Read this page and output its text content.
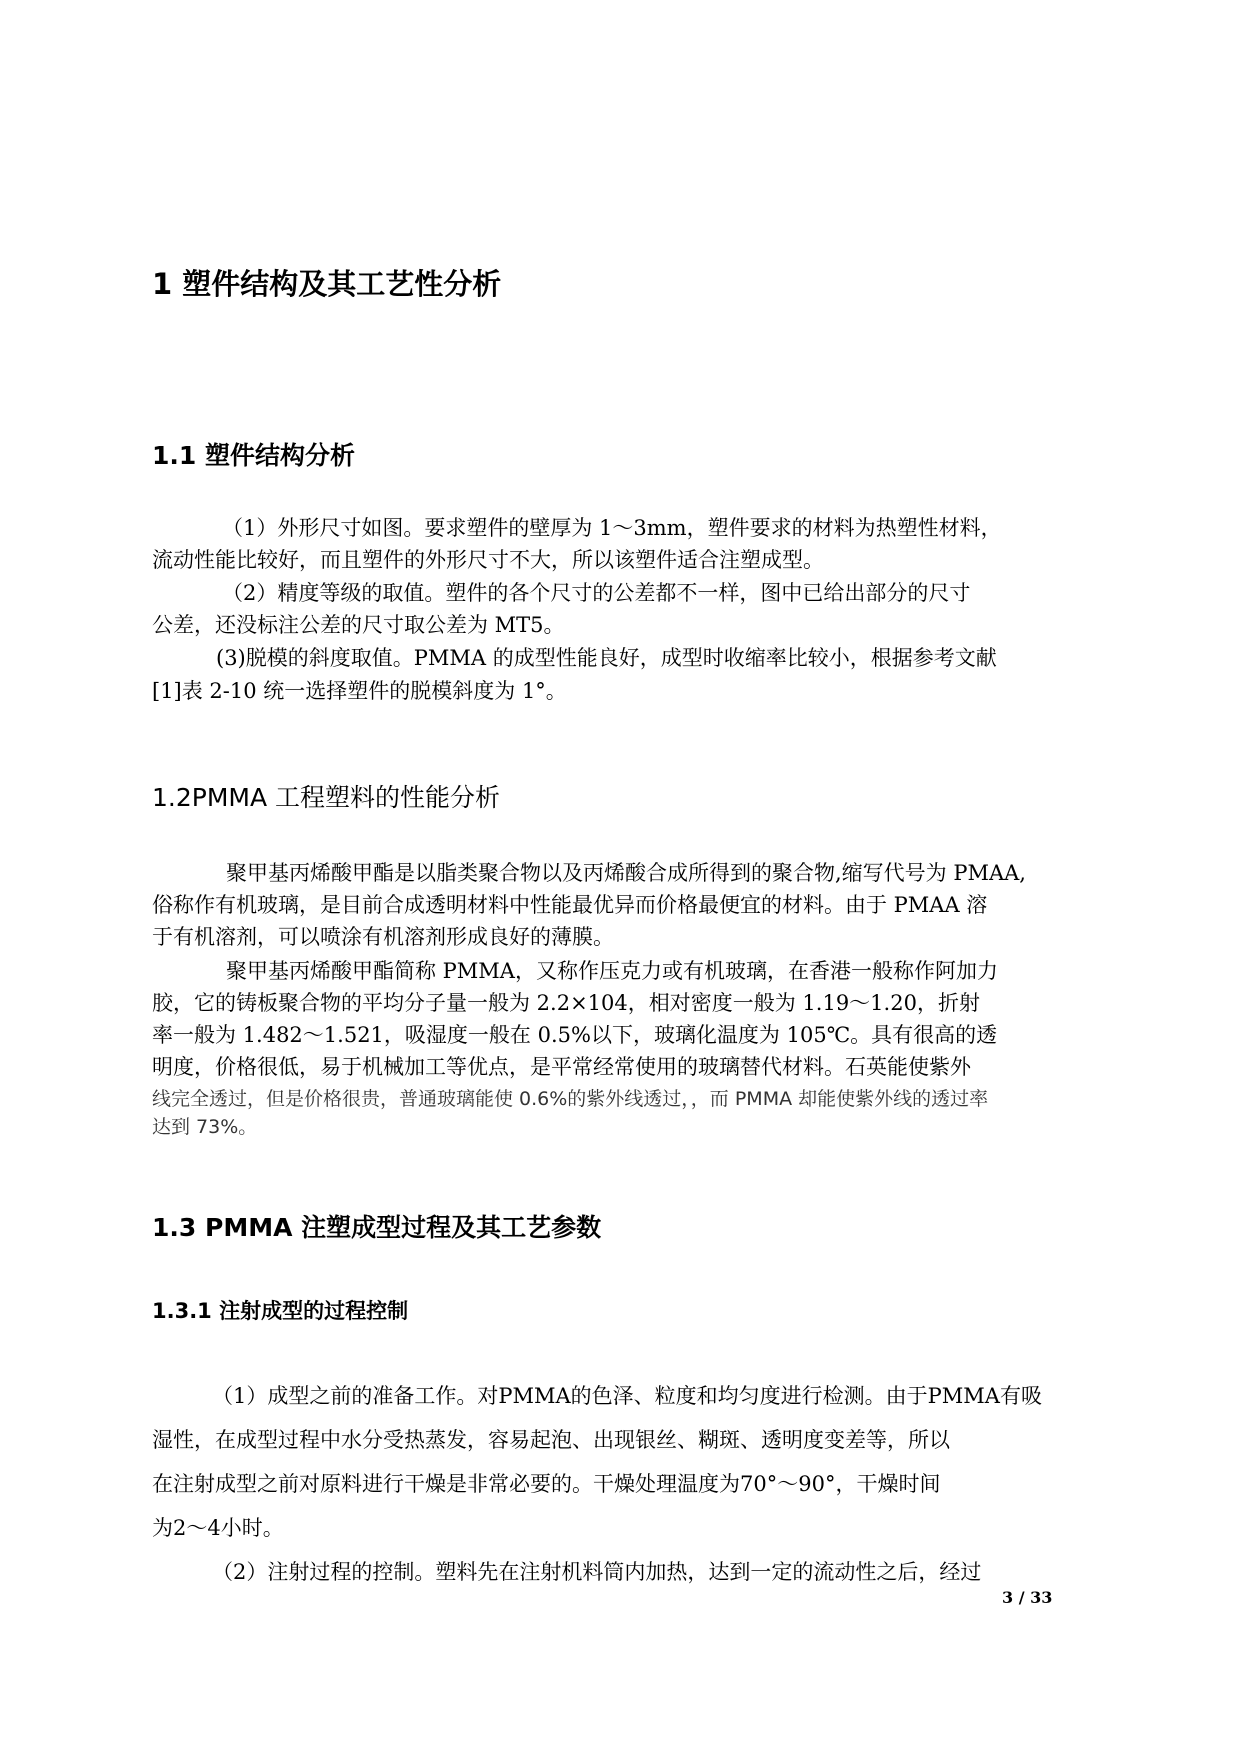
1 塑件结构及其工艺性分析
1.1 塑件结构分析

（1）外形尺寸如图。要求塑件的壁厚为 1～3mm，塑件要求的材料为热塑性材料，

流动性能比较好，而且塑件的外形尺寸不大，所以该塑件适合注塑成型。

（2）精度等级的取值。塑件的各个尺寸的公差都不一样，图中已给出部分的尺寸

公差，还没标注公差的尺寸取公差为 MT5。

(3)脱模的斜度取值。PMMA 的成型性能良好，成型时收缩率比较小，根据参考文献

[1]表 2-10 统一选择塑件的脱模斜度为 1°。

1.2PMMA 工程塑料的性能分析

聚甲基丙烯酸甲酯是以脂类聚合物以及丙烯酸合成所得到的聚合物,缩写代号为 PMAA,

俗称作有机玻璃，是目前合成透明材料中性能最优异而价格最便宜的材料。由于 PMAA 溶

于有机溶剂，可以喷涂有机溶剂形成良好的薄膜。

聚甲基丙烯酸甲酯简称 PMMA，又称作压克力或有机玻璃，在香港一般称作阿加力

胶，它的铸板聚合物的平均分子量一般为 2.2×104，相对密度一般为 1.19～1.20，折射

率一般为 1.482～1.521，吸湿度一般在 0.5%以下，玻璃化温度为 105℃。具有很高的透

明度，价格很低，易于机械加工等优点，是平常经常使用的玻璃替代材料。石英能使紫外

线完全透过，但是价格很贵，普通玻璃能使 0.6%的紫外线透过，，而 PMMA 却能使紫外线的透过率

达到 73%。

1.3 PMMA 注塑成型过程及其工艺参数
1.3.1 注射成型的过程控制

（1）成型之前的准备工作。对PMMA的色泽、粒度和均匀度进行检测。由于PMMA有吸

湿性，在成型过程中水分受热蒸发，容易起泡、出现银丝、糊斑、透明度变差等，所以

在注射成型之前对原料进行干燥是非常必要的。干燥处理温度为70°～90°，干燥时间

为2～4小时。

（2）注射过程的控制。塑料先在注射机料筒内加热，达到一定的流动性之后，经过

3 / 33
